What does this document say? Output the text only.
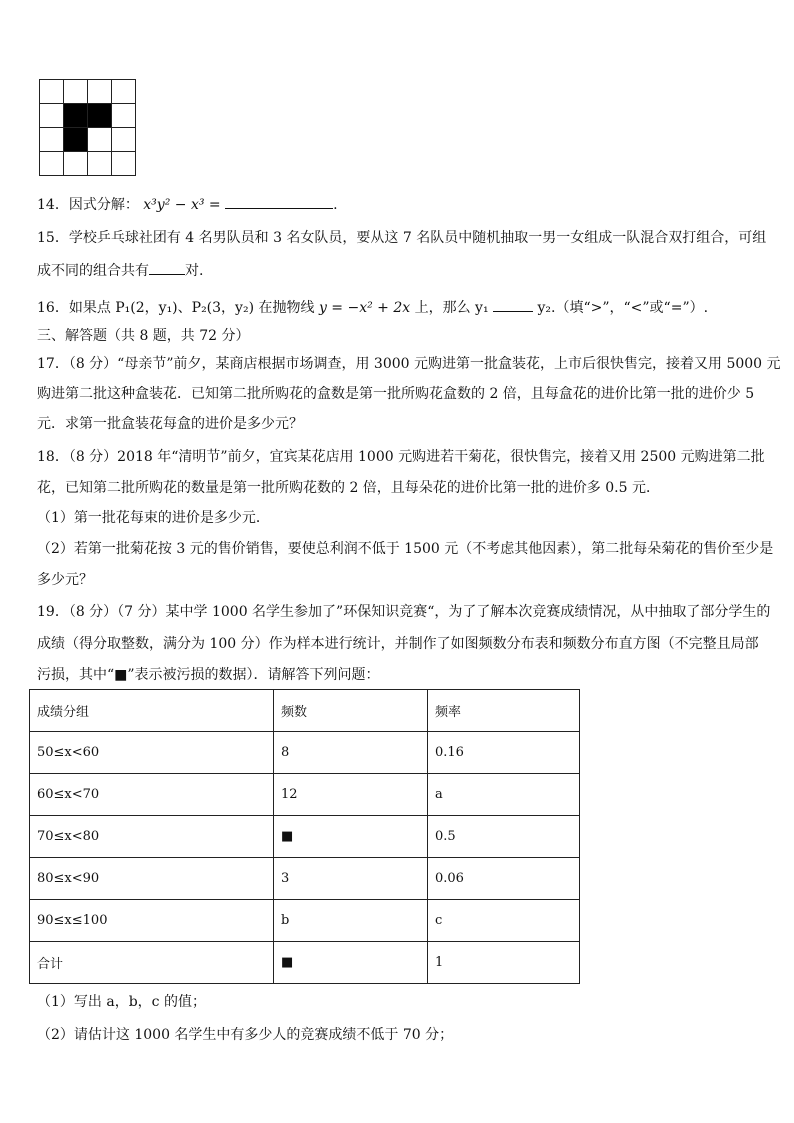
14．因式分解： x³y² − x³ =	.
15．学校乒乓球社团有 4 名男队员和 3 名女队员，要从这 7 名队员中随机抽取一男一女组成一队混合双打组合，可组
成不同的组合共有	对.
16．如果点 P₁(2，y₁)、P₂(3，y₂) 在抛物线 y = −x² + 2x 上，那么 y₁	y₂.（填“>”，“<”或“=”）.
三、解答题（共 8 题，共 72 分）
17．（8 分）“母亲节”前夕，某商店根据市场调查，用 3000 元购进第一批盒装花，上市后很快售完，接着又用 5000 元
购进第二批这种盒装花．已知第二批所购花的盒数是第一批所购花盒数的 2 倍，且每盒花的进价比第一批的进价少 5
元．求第一批盒装花每盒的进价是多少元？
18．（8 分）2018 年“清明节”前夕，宜宾某花店用 1000 元购进若干菊花，很快售完，接着又用 2500 元购进第二批
花，已知第二批所购花的数量是第一批所购花数的 2 倍，且每朵花的进价比第一批的进价多 0.5 元．
（1）第一批花每束的进价是多少元．
（2）若第一批菊花按 3 元的售价销售，要使总利润不低于 1500 元（不考虑其他因素），第二批每朵菊花的售价至少是
多少元？
19．（8 分）（7 分）某中学 1000 名学生参加了”环保知识竞赛“，为了了解本次竞赛成绩情况，从中抽取了部分学生的
成绩（得分取整数，满分为 100 分）作为样本进行统计，并制作了如图频数分布表和频数分布直方图（不完整且局部
污损，其中“■”表示被污损的数据）．请解答下列问题：
成绩分组	频数	频率
50≤x<60	8	0.16
60≤x<70	12	a
70≤x<80	■	0.5
80≤x<90	3	0.06
90≤x≤100	b	c
合计	■	1
（1）写出 a，b，c 的值；
（2）请估计这 1000 名学生中有多少人的竞赛成绩不低于 70 分；
